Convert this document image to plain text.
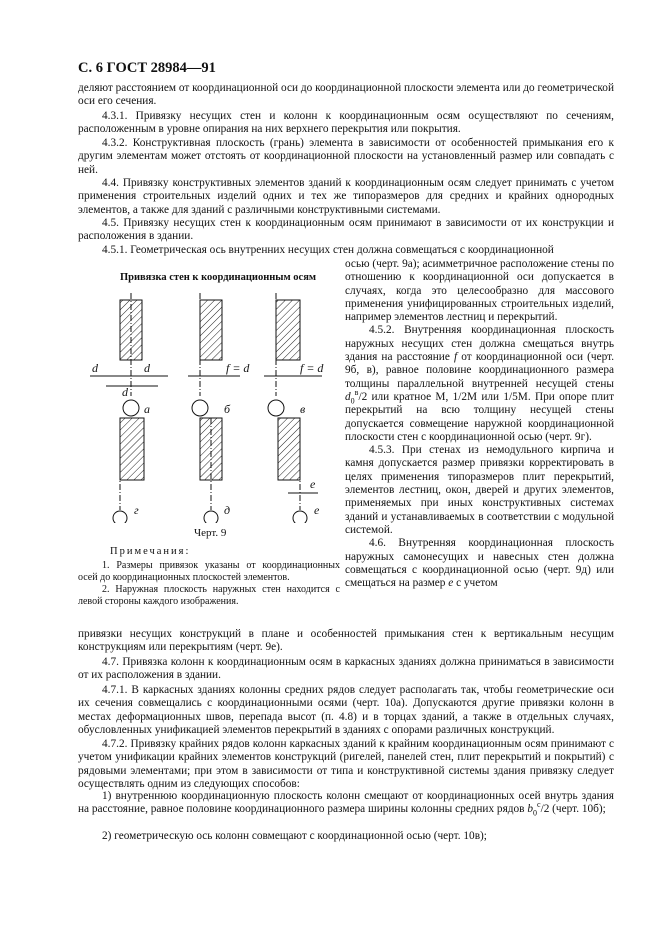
С. 6 ГОСТ 28984—91

деляют расстоянием от координационной оси до координационной плоскости элемента или до геометрической оси его сечения.

4.3.1. Привязку несущих стен и колонн к координационным осям осуществляют по сечениям, расположенным в уровне опирания на них верхнего перекрытия или покрытия.

4.3.2. Конструктивная плоскость (грань) элемента в зависимости от особенностей примыкания его к другим элементам может отстоять от координационной плоскости на установленный размер или совпадать с ней.

4.4. Привязку конструктивных элементов зданий к координационным осям следует принимать с учетом применения строительных изделий одних и тех же типоразмеров для средних и крайних однородных элементов, а также для зданий с различными конструктивными системами.

4.5. Привязку несущих стен к координационным осям принимают в зависимости от их конструкции и расположения в здании.

4.5.1. Геометрическая ось внутренних несущих стен должна совмещаться с координационной

осью (черт. 9а); асимметричное расположение стены по отношению к координационной оси допускается в случаях, когда это целесообразно для массового применения унифицированных строительных изделий, например элементов лестниц и перекрытий.

4.5.2. Внутренняя координационная плоскость наружных несущих стен должна смещаться внутрь здания на расстояние f от координационной оси (черт. 9б, в), равное половине координационного размера толщины параллельной внутренней несущей стены $d_0^в/2$ или кратное М, 1/2М или 1/5М. При опоре плит перекрытий на всю толщину несущей стены допускается совмещение наружной координационной плоскости стен с координационной осью (черт. 9г).

4.5.3. При стенах из немодульного кирпича и камня допускается размер привязки корректировать в целях применения типоразмеров плит перекрытий, элементов лестниц, окон, дверей и других элементов, применяемых при иных конструктивных системах зданий и устанавливаемых в соответствии с модульной системой.

4.6. Внутренняя координационная плоскость наружных самонесущих и навесных стен должна совмещаться с координационной осью (черт. 9д) или смещаться на размер е с учетом

Привязка стен к координационным осям
а	б	в
г	д	е
d	d
d
f = d	f = d
е
Черт. 9
Примечания:

1. Размеры привязок указаны от координационных осей до координационных плоскостей элементов.

2. Наружная плоскость наружных стен находится с левой стороны каждого изображения.

привязки несущих конструкций в плане и особенностей примыкания стен к вертикальным несущим конструкциям или перекрытиям (черт. 9е).

4.7. Привязка колонн к координационным осям в каркасных зданиях должна приниматься в зависимости от их расположения в здании.

4.7.1. В каркасных зданиях колонны средних рядов следует располагать так, чтобы геометрические оси их сечения совмещались с координационными осями (черт. 10а). Допускаются другие привязки колонн в местах деформационных швов, перепада высот (п. 4.8) и в торцах зданий, а также в отдельных случаях, обусловленных унификацией элементов перекрытий в зданиях с опорами различных конструкций.

4.7.2. Привязку крайних рядов колонн каркасных зданий к крайним координационным осям принимают с учетом унификации крайних элементов конструкций (ригелей, панелей стен, плит перекрытий и покрытий) с рядовыми элементами; при этом в зависимости от типа и конструктивной системы здания привязку следует осуществлять одним из следующих способов:

1) внутреннюю координационную плоскость колонн смещают от координационных осей внутрь здания на расстояние, равное половине координационного размера ширины колонны средних рядов $b_0^с/2$ (черт. 10б);

2) геометрическую ось колонн совмещают с координационной осью (черт. 10в);
